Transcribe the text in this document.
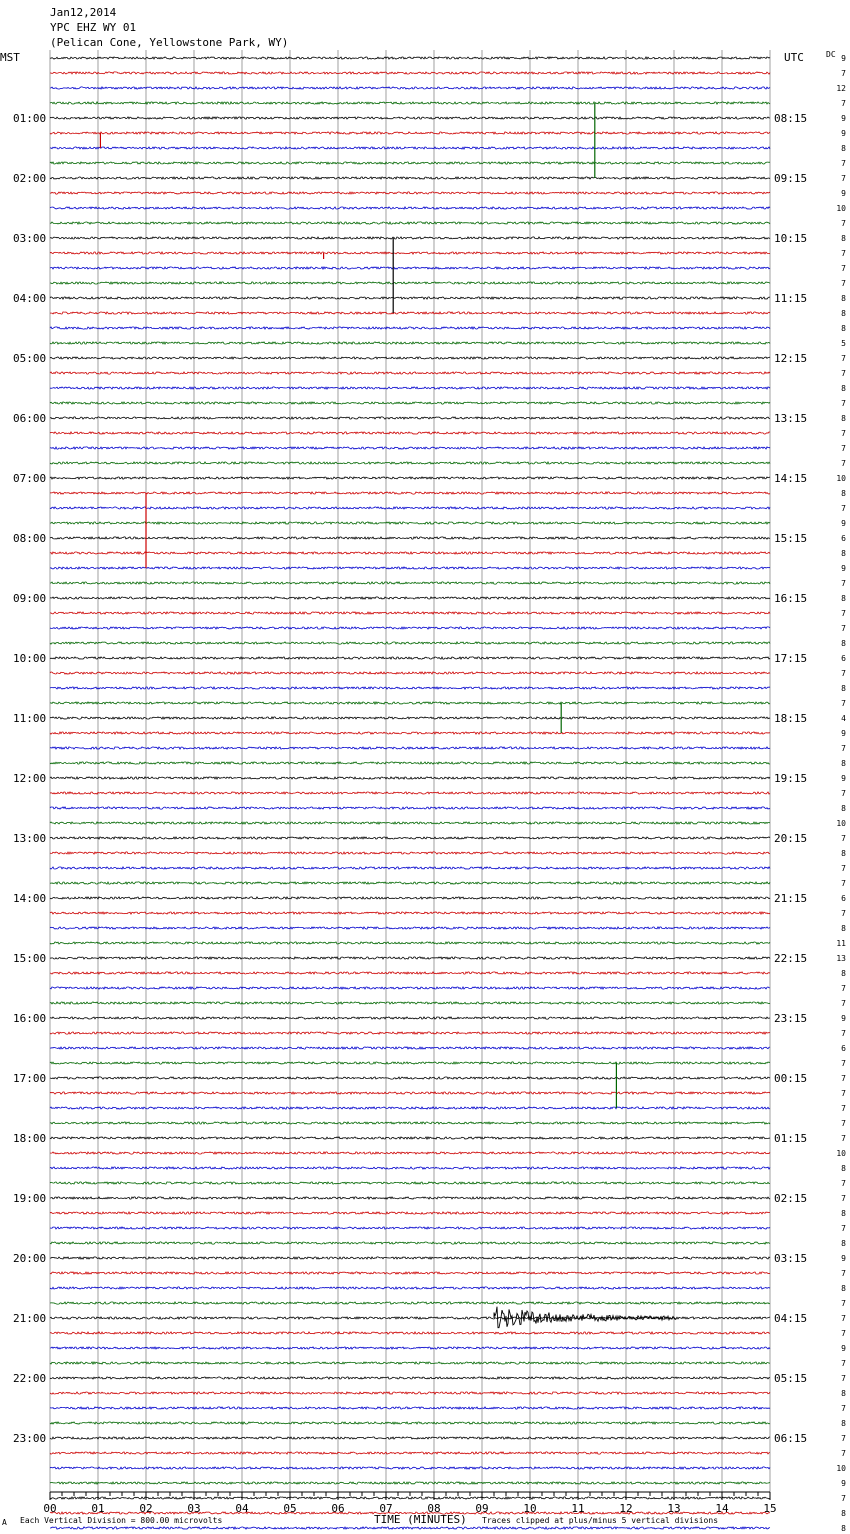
Jan12,2014
YPC EHZ WY 01
(Pelican Cone, Yellowstone Park, WY)
MST	UTC	DC
01:00
02:00
03:00
04:00
05:00
06:00
07:00
08:00
09:00
10:00
11:00
12:00
13:00
14:00
15:00
16:00
17:00
18:00
19:00
20:00
21:00
22:00
23:00
08:15
09:15
10:15
11:15
12:15
13:15
14:15
15:15
16:15
17:15
18:15
19:15
20:15
21:15
22:15
23:15
00:15
01:15
02:15
03:15
04:15
05:15
06:15
9
7
12
7
9
9
8
7
7
9
10
7
8
7
7
7
8
8
8
5
7
7
8
7
8
7
7
7
10
8
7
9
6
8
9
7
8
7
7
8
6
7
8
7
4
9
7
8
9
7
8
10
7
8
7
7
6
7
8
11
13
8
7
7
9
7
6
7
7
7
7
7
7
10
8
7
7
8
7
8
9
7
8
7
7
7
9
7
7
8
7
8
7
7
10
9
7
8
8
00	01	02	03	04	05	06	07	08	09	10	11	12	13	14	15
A Each Vertical Division = 800.00 microvolts	TIME (MINUTES) Traces clipped at plus/minus 5 vertical divisions
